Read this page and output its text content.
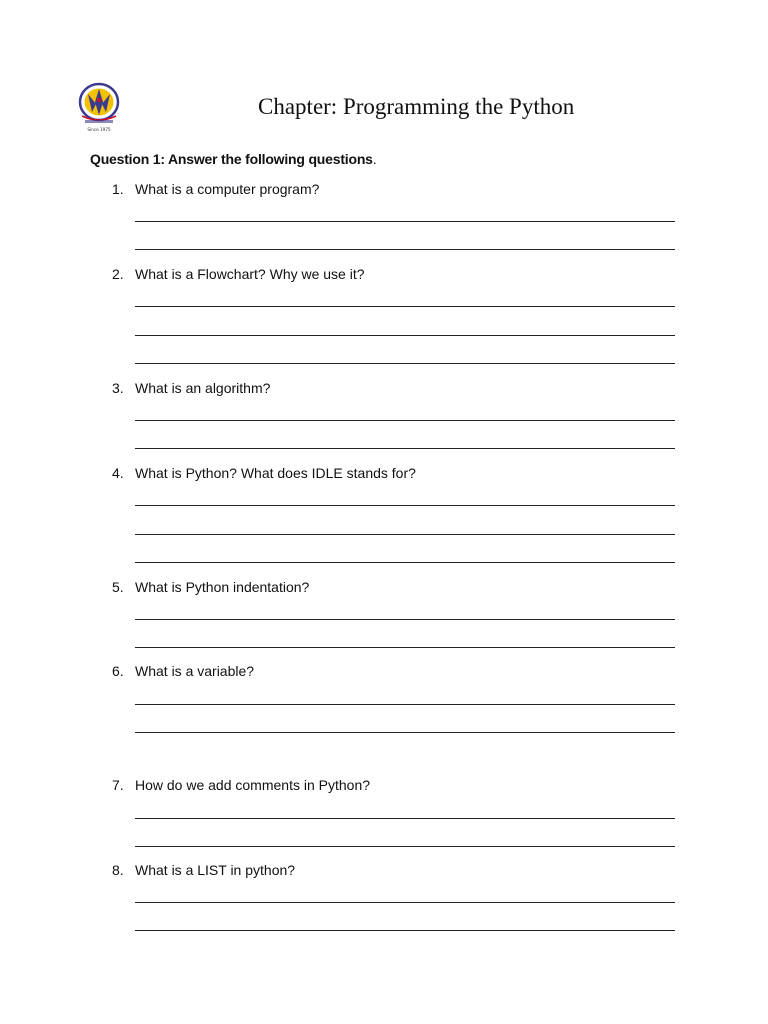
Since 1975
Chapter: Programming the Python
Question 1: Answer the following questions.
1. What is a computer program?
2. What is a Flowchart? Why we use it?
3. What is an algorithm?
4. What is Python? What does IDLE stands for?
5. What is Python indentation?
6. What is a variable?
7. How do we add comments in Python?
8. What is a LIST in python?
